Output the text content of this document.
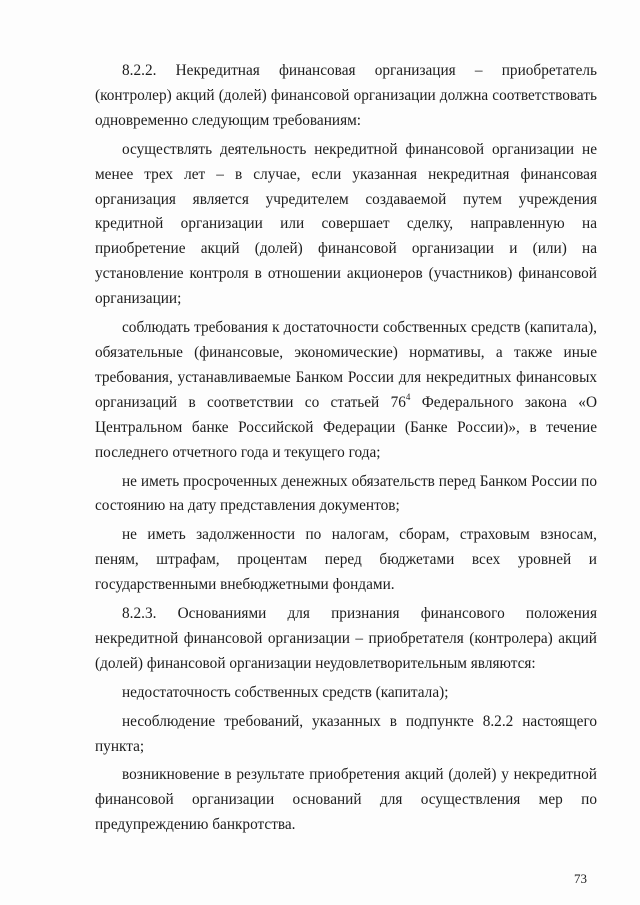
8.2.2. Некредитная финансовая организация – приобретатель (контролер) акций (долей) финансовой организации должна соответствовать одновременно следующим требованиям:

осуществлять деятельность некредитной финансовой организации не менее трех лет – в случае, если указанная некредитная финансовая организация является учредителем создаваемой путем учреждения кредитной организации или совершает сделку, направленную на приобретение акций (долей) финансовой организации и (или) на установление контроля в отношении акционеров (участников) финансовой организации;

соблюдать требования к достаточности собственных средств (капитала), обязательные (финансовые, экономические) нормативы, а также иные требования, устанавливаемые Банком России для некредитных финансовых организаций в соответствии со статьей $76^4$ Федерального закона «О Центральном банке Российской Федерации (Банке России)», в течение последнего отчетного года и текущего года;

не иметь просроченных денежных обязательств перед Банком России по состоянию на дату представления документов;

не иметь задолженности по налогам, сборам, страховым взносам, пеням, штрафам, процентам перед бюджетами всех уровней и государственными внебюджетными фондами.

8.2.3. Основаниями для признания финансового положения некредитной финансовой организации – приобретателя (контролера) акций (долей) финансовой организации неудовлетворительным являются:

недостаточность собственных средств (капитала);

несоблюдение требований, указанных в подпункте 8.2.2 настоящего пункта;

возникновение в результате приобретения акций (долей) у некредитной финансовой организации оснований для осуществления мер по предупреждению банкротства.

73
